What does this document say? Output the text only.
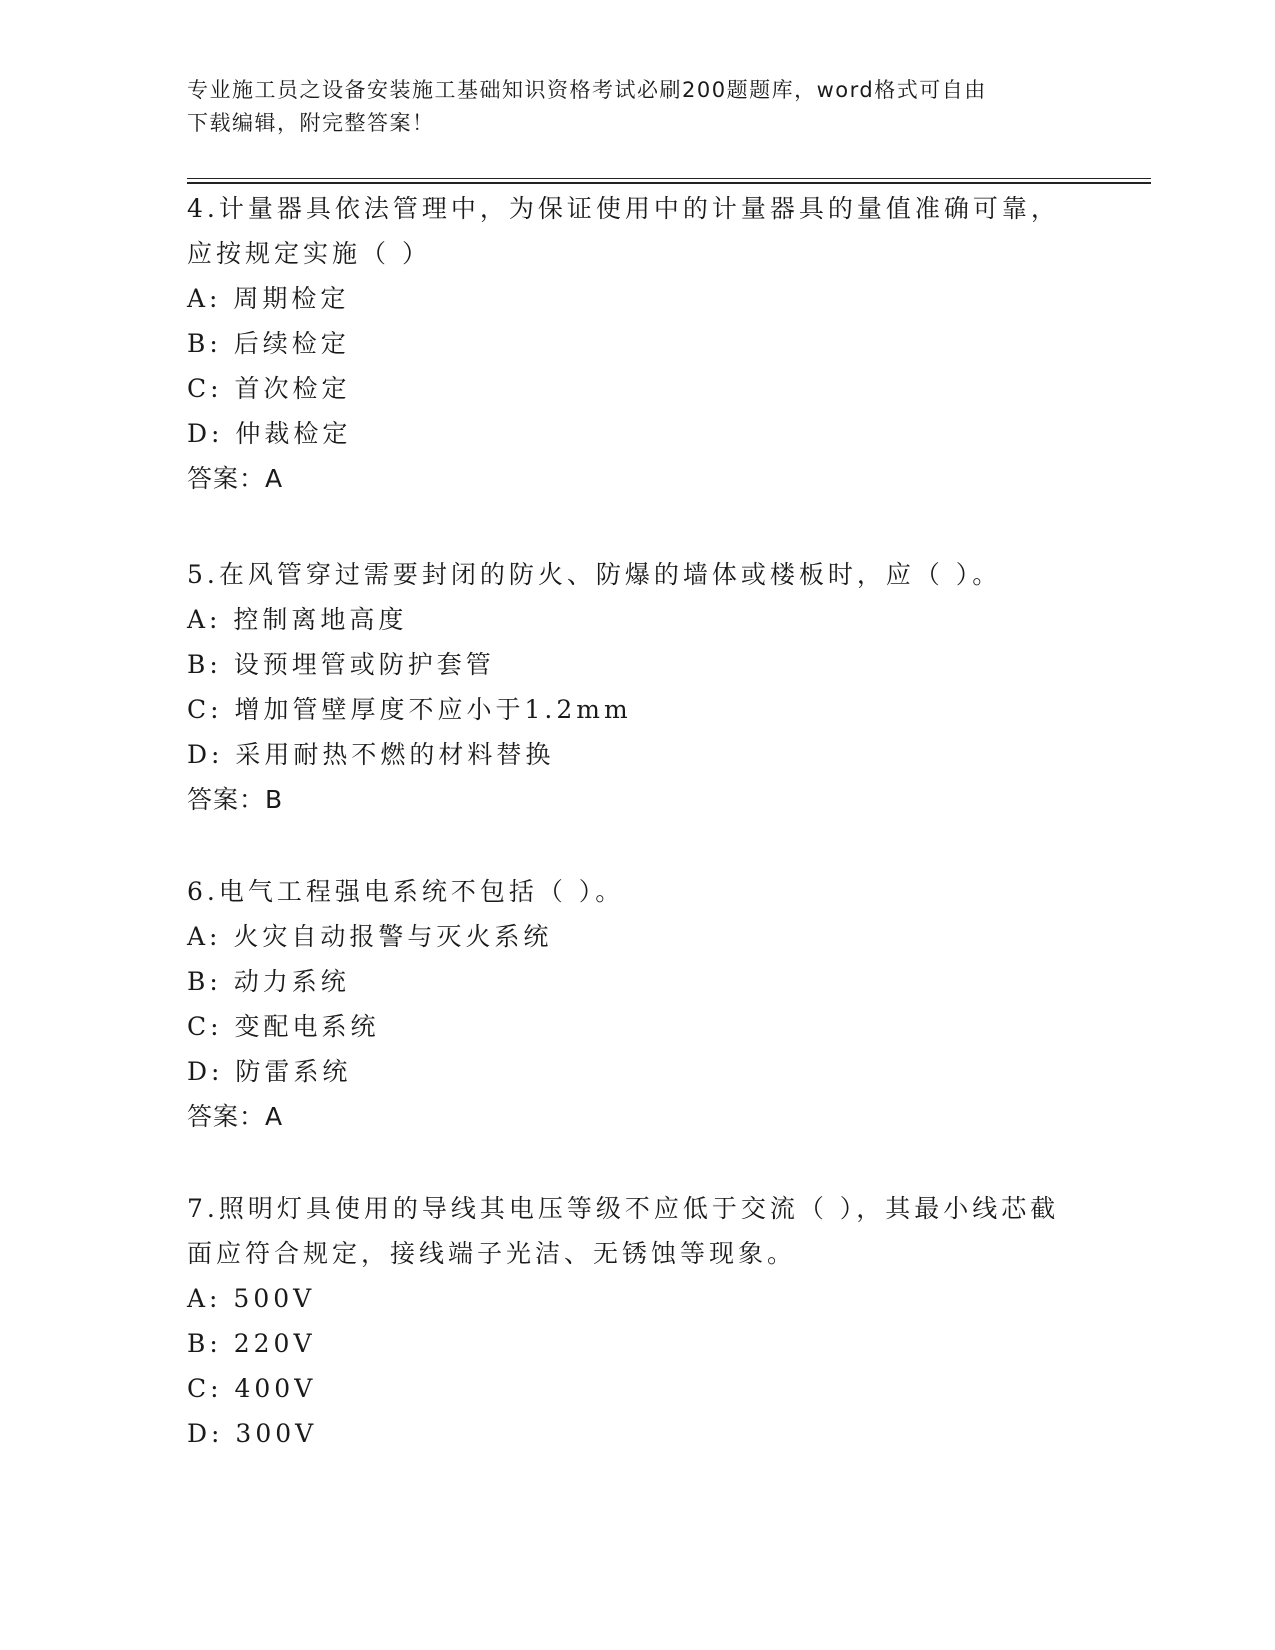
专业施工员之设备安装施工基础知识资格考试必刷200题题库，word格式可自由
下载编辑，附完整答案！
4.计量器具依法管理中，为保证使用中的计量器具的量值准确可靠，应按规定实施（ ）
A: 周期检定
B: 后续检定
C: 首次检定
D: 仲裁检定
答案：A
5.在风管穿过需要封闭的防火、防爆的墙体或楼板时，应（ ）。
A: 控制离地高度
B: 设预埋管或防护套管
C: 增加管壁厚度不应小于1.2mm
D: 采用耐热不燃的材料替换
答案：B
6.电气工程强电系统不包括（ ）。
A: 火灾自动报警与灭火系统
B: 动力系统
C: 变配电系统
D: 防雷系统
答案：A
7.照明灯具使用的导线其电压等级不应低于交流（ ），其最小线芯截面应符合规定，接线端子光洁、无锈蚀等现象。
A: 500V
B: 220V
C: 400V
D: 300V
